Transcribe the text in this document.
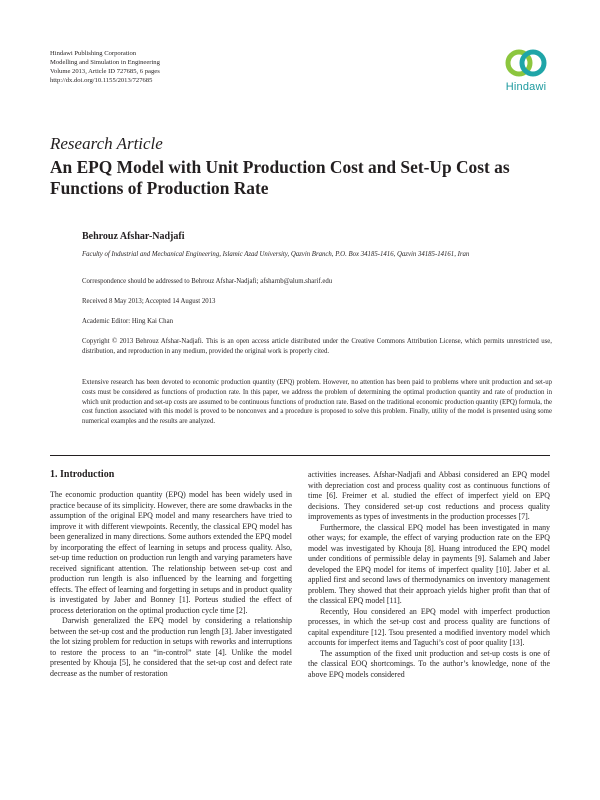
Hindawi Publishing Corporation
Modelling and Simulation in Engineering
Volume 2013, Article ID 727685, 6 pages
http://dx.doi.org/10.1155/2013/727685
Hindawi
Research Article
An EPQ Model with Unit Production Cost and Set-Up Cost as Functions of Production Rate
Behrouz Afshar-Nadjafi
Faculty of Industrial and Mechanical Engineering, Islamic Azad University, Qazvin Branch, P.O. Box 34185-1416, Qazvin 34185-14161, Iran
Correspondence should be addressed to Behrouz Afshar-Nadjafi; afsharnb@alum.sharif.edu
Received 8 May 2013; Accepted 14 August 2013
Academic Editor: Hing Kai Chan
Copyright © 2013 Behrouz Afshar-Nadjafi. This is an open access article distributed under the Creative Commons Attribution License, which permits unrestricted use, distribution, and reproduction in any medium, provided the original work is properly cited.
Extensive research has been devoted to economic production quantity (EPQ) problem. However, no attention has been paid to problems where unit production and set-up costs must be considered as functions of production rate. In this paper, we address the problem of determining the optimal production quantity and rate of production in which unit production and set-up costs are assumed to be continuous functions of production rate. Based on the traditional economic production quantity (EPQ) formula, the cost function associated with this model is proved to be nonconvex and a procedure is proposed to solve this problem. Finally, utility of the model is presented using some numerical examples and the results are analyzed.
1. Introduction

The economic production quantity (EPQ) model has been widely used in practice because of its simplicity. However, there are some drawbacks in the assumption of the original EPQ model and many researchers have tried to improve it with different viewpoints. Recently, the classical EPQ model has been generalized in many directions. Some authors extended the EPQ model by incorporating the effect of learning in setups and process quality. Also, set-up time reduction on production run length and varying parameters have received significant attention. The relationship between set-up cost and production run length is also influenced by the learning and forgetting effects. The effect of learning and forgetting in setups and in product quality is investigated by Jaber and Bonney [1]. Porteus studied the effect of process deterioration on the optimal production cycle time [2].

Darwish generalized the EPQ model by considering a relationship between the set-up cost and the production run length [3]. Jaber investigated the lot sizing problem for reduction in setups with reworks and interruptions to restore the process to an “in-control” state [4]. Unlike the model presented by Khouja [5], he considered that the set-up cost and defect rate decrease as the number of restoration

activities increases. Afshar-Nadjafi and Abbasi considered an EPQ model with depreciation cost and process quality cost as continuous functions of time [6]. Freimer et al. studied the effect of imperfect yield on EPQ decisions. They considered set-up cost reductions and process quality improvements as types of investments in the production processes [7].

Furthermore, the classical EPQ model has been investigated in many other ways; for example, the effect of varying production rate on the EPQ model was investigated by Khouja [8]. Huang introduced the EPQ model under conditions of permissible delay in payments [9]. Salameh and Jaber developed the EPQ model for items of imperfect quality [10]. Jaber et al. applied first and second laws of thermodynamics on inventory management problem. They showed that their approach yields higher profit than that of the classical EPQ model [11].

Recently, Hou considered an EPQ model with imperfect production processes, in which the set-up cost and process quality are functions of capital expenditure [12]. Tsou presented a modified inventory model which accounts for imperfect items and Taguchi’s cost of poor quality [13].

The assumption of the fixed unit production and set-up costs is one of the classical EOQ shortcomings. To the author’s knowledge, none of the above EPQ models considered
